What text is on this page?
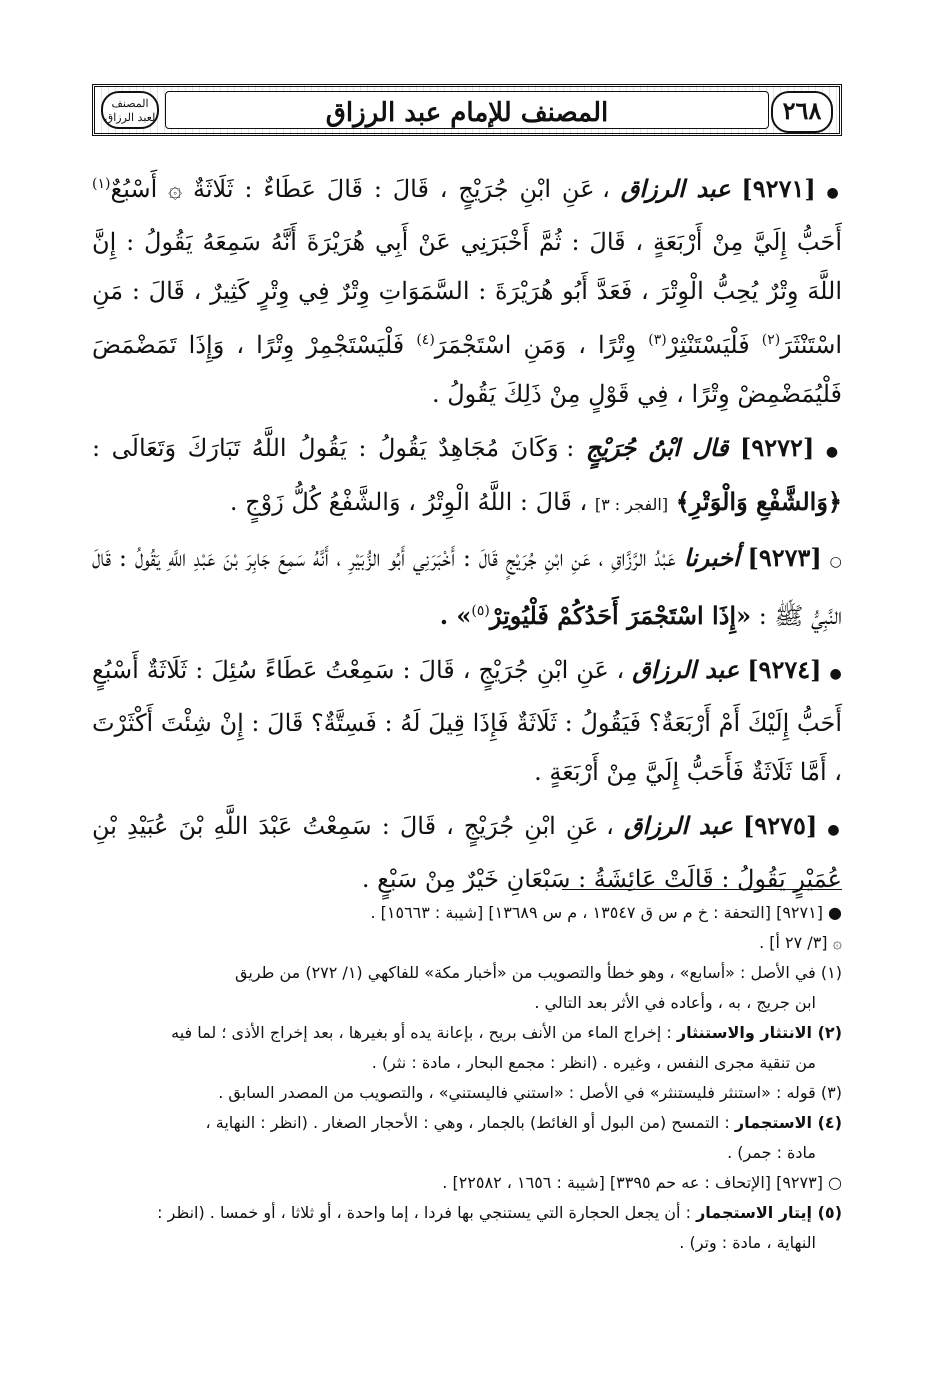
المصنف لعبد الرزاق	المصنف للإمام عبد الرزاق	٢٦٨

● [٩٢٧١] عبد الرزاق ، عَنِ ابْنِ جُرَيْجٍ ، قَالَ : قَالَ عَطَاءٌ : ثَلَاثَةٌ ۞ أَسْبُعٌ$^{(١)}$ أَحَبُّ إِلَيَّ مِنْ أَرْبَعَةٍ ، قَالَ : ثُمَّ أَخْبَرَنِي عَنْ أَبِي هُرَيْرَةَ أَنَّهُ سَمِعَهُ يَقُولُ : إِنَّ اللَّهَ وِتْرٌ يُحِبُّ الْوِتْرَ ، فَعَدَّ أَبُو هُرَيْرَةَ : السَّمَوَاتِ وِتْرٌ فِي وِتْرٍ كَثِيرٌ ، قَالَ : مَنِ اسْتَنْثَرَ$^{(٢)}$ فَلْيَسْتَنْثِرْ$^{(٣)}$ وِتْرًا ، وَمَنِ اسْتَجْمَرَ$^{(٤)}$ فَلْيَسْتَجْمِرْ وِتْرًا ، وَإِذَا تَمَضْمَضَ فَلْيُمَضْمِضْ وِتْرًا ، فِي قَوْلٍ مِنْ ذَلِكَ يَقُولُ .

● [٩٢٧٢] قال ابْنُ جُرَيْجٍ : وَكَانَ مُجَاهِدٌ يَقُولُ : يَقُولُ اللَّهُ تَبَارَكَ وَتَعَالَى : ﴿وَالشَّفْعِ وَالْوَتْرِ﴾ [الفجر : ٣] ، قَالَ : اللَّهُ الْوِتْرُ ، وَالشَّفْعُ كُلُّ زَوْجٍ .

○ [٩٢٧٣] أخبرنا عَبْدُ الرَّزَّاقِ ، عَنِ ابْنِ جُرَيْجٍ قَالَ : أَخْبَرَنِي أَبُو الزُّبَيْرِ ، أَنَّهُ سَمِعَ جَابِرَ بْنَ عَبْدِ اللَّهِ يَقُولُ : قَالَ النَّبِيُّ ﷺ : «إِذَا اسْتَجْمَرَ أَحَدُكُمْ فَلْيُوتِرْ$^{(٥)}$» .

● [٩٢٧٤] عبد الرزاق ، عَنِ ابْنِ جُرَيْجٍ ، قَالَ : سَمِعْتُ عَطَاءً سُئِلَ : ثَلَاثَةٌ أَسْبُعٍ أَحَبُّ إِلَيْكَ أَمْ أَرْبَعَةٌ؟ فَيَقُولُ : ثَلَاثَةٌ فَإِذَا قِيلَ لَهُ : فَسِتَّةٌ؟ قَالَ : إِنْ شِئْتَ أَكْثَرْتَ ، أَمَّا ثَلَاثَةٌ فَأَحَبُّ إِلَيَّ مِنْ أَرْبَعَةٍ .

● [٩٢٧٥] عبد الرزاق ، عَنِ ابْنِ جُرَيْجٍ ، قَالَ : سَمِعْتُ عَبْدَ اللَّهِ بْنَ عُبَيْدِ بْنِ عُمَيْرٍ يَقُولُ : قَالَتْ عَائِشَةُ : سَبْعَانِ خَيْرٌ مِنْ سَبْعٍ .

● [٩٢٧١] [التحفة : خ م س ق ١٣٥٤٧ ، م س ١٣٦٨٩] [شيبة : ١٥٦٦٣] .

۞ [٣/ ٢٧ أ] .

(١) في الأصل : «أسابع» ، وهو خطأ والتصويب من «أخبار مكة» للفاكهي (١/ ٢٧٢) من طريق

ابن جريج ، به ، وأعاده في الأثر بعد التالي .

(٢) الانتثار والاستنثار : إخراج الماء من الأنف بريح ، بإعانة يده أو بغيرها ، بعد إخراج الأذى ؛ لما فيه

من تنقية مجرى النفس ، وغيره . (انظر : مجمع البحار ، مادة : نثر) .

(٣) قوله : «استنثر فليستنثر» في الأصل : «استني فاليستني» ، والتصويب من المصدر السابق .

(٤) الاستجمار : التمسح (من البول أو الغائط) بالجمار ، وهي : الأحجار الصغار . (انظر : النهاية ،

مادة : جمر) .

○ [٩٢٧٣] [الإتحاف : عه حم ٣٣٩٥] [شيبة : ١٦٥٦ ، ٢٢٥٨٢] .

(٥) إيتار الاستجمار : أن يجعل الحجارة التي يستنجي بها فردا ، إما واحدة ، أو ثلاثا ، أو خمسا . (انظر :

النهاية ، مادة : وتر) .
